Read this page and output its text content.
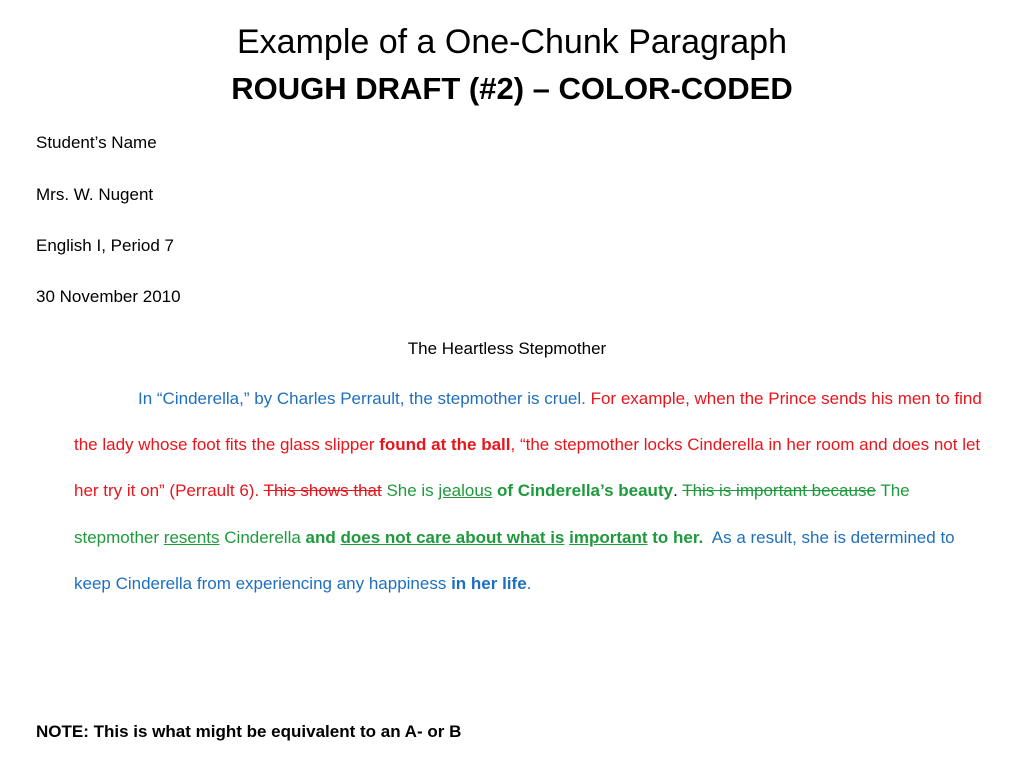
Example of a One-Chunk Paragraph
ROUGH DRAFT (#2) – COLOR-CODED
Student’s Name
Mrs. W. Nugent
English I, Period 7
30 November 2010
The Heartless Stepmother
In “Cinderella,” by Charles Perrault, the stepmother is cruel. For example, when the Prince sends his men to find the lady whose foot fits the glass slipper found at the ball, “the stepmother locks Cinderella in her room and does not let her try it on” (Perrault 6). This shows that She is jealous of Cinderella’s beauty. This is important because The stepmother resents Cinderella and does not care about what is important to her. As a result, she is determined to keep Cinderella from experiencing any happiness in her life.
NOTE: This is what might be equivalent to an A- or B
